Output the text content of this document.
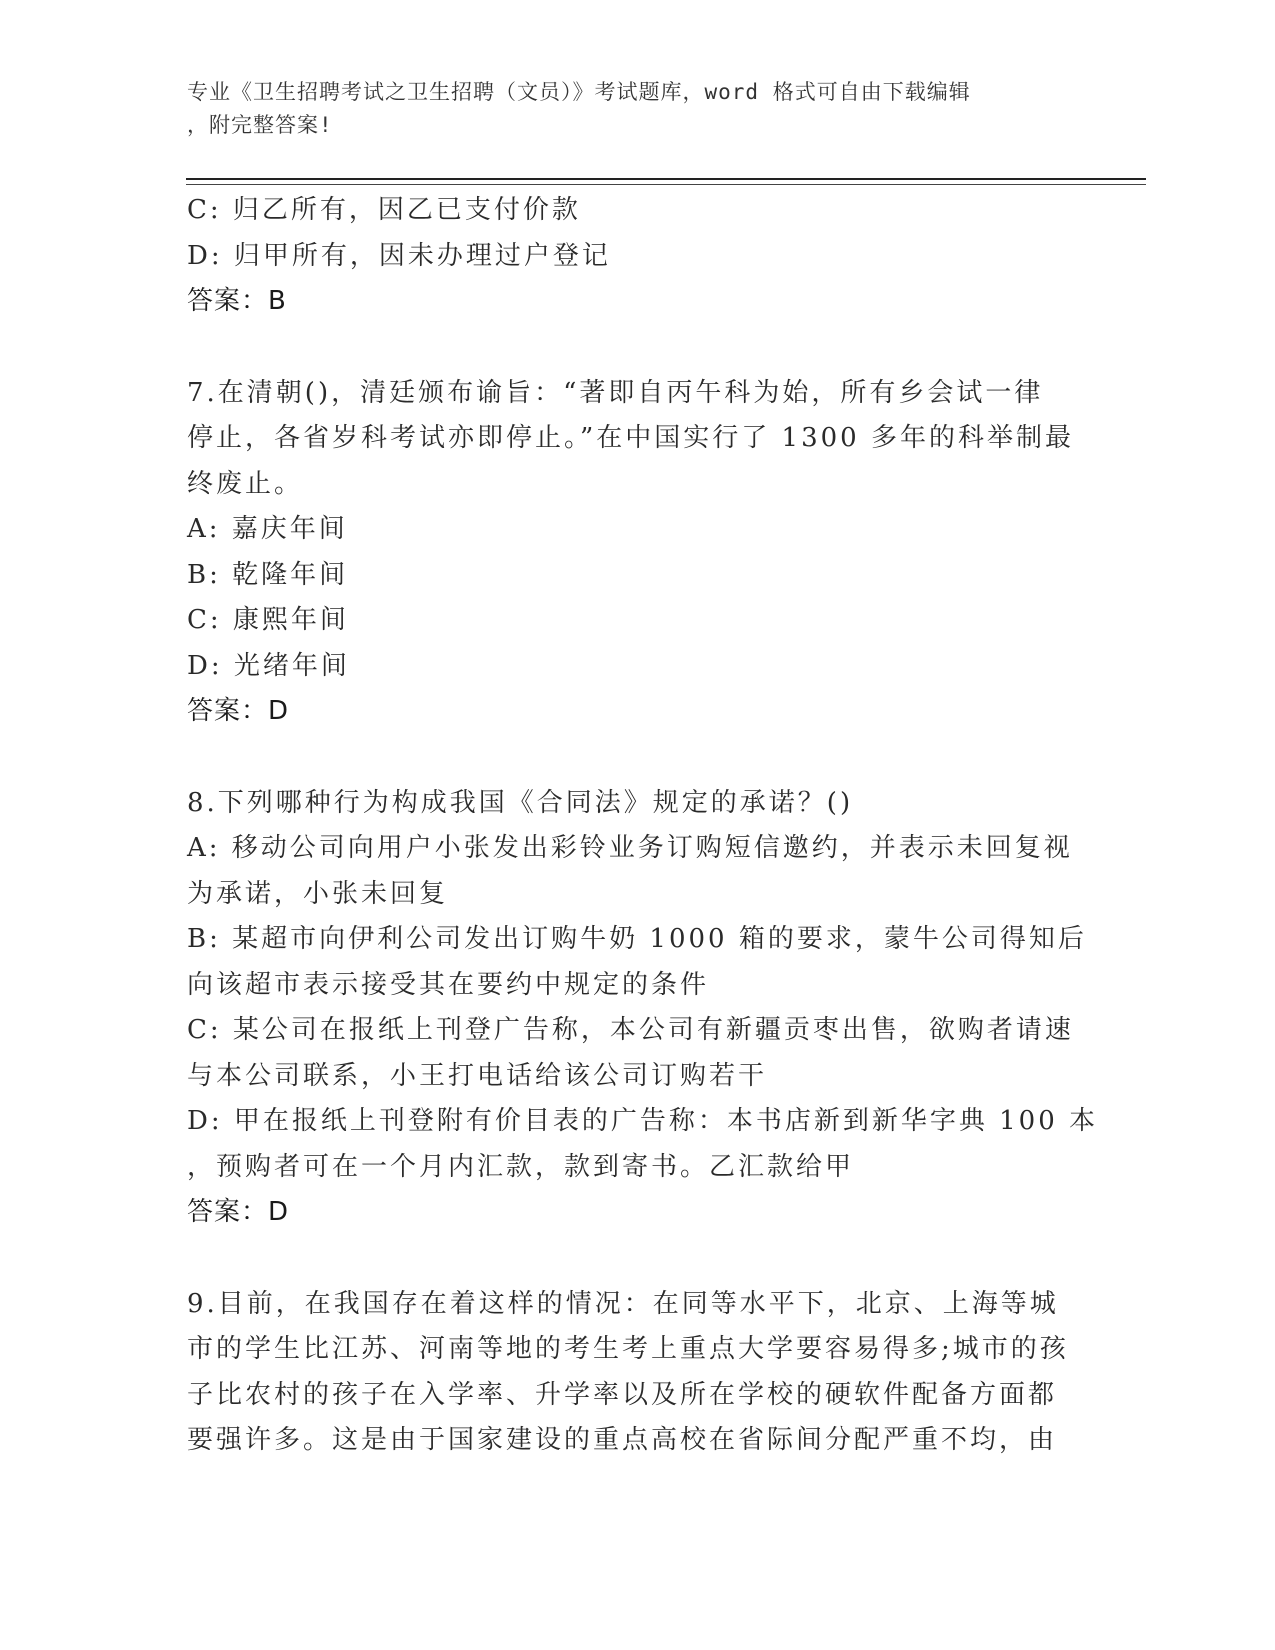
专业《卫生招聘考试之卫生招聘（文员）》考试题库，word 格式可自由下载编辑
，附完整答案!
C: 归乙所有，因乙已支付价款
D: 归甲所有，因未办理过户登记
答案：B
7.在清朝()，清廷颁布谕旨：“著即自丙午科为始，所有乡会试一律
停止，各省岁科考试亦即停止。”在中国实行了 1300 多年的科举制最
终废止。
A: 嘉庆年间
B: 乾隆年间
C: 康熙年间
D: 光绪年间
答案：D
8.下列哪种行为构成我国《合同法》规定的承诺？()
A: 移动公司向用户小张发出彩铃业务订购短信邀约，并表示未回复视
为承诺，小张未回复
B: 某超市向伊利公司发出订购牛奶 1000 箱的要求，蒙牛公司得知后
向该超市表示接受其在要约中规定的条件
C: 某公司在报纸上刊登广告称，本公司有新疆贡枣出售，欲购者请速
与本公司联系，小王打电话给该公司订购若干
D: 甲在报纸上刊登附有价目表的广告称：本书店新到新华字典 100 本
，预购者可在一个月内汇款，款到寄书。乙汇款给甲
答案：D
9.目前，在我国存在着这样的情况：在同等水平下，北京、上海等城
市的学生比江苏、河南等地的考生考上重点大学要容易得多;城市的孩
子比农村的孩子在入学率、升学率以及所在学校的硬软件配备方面都
要强许多。这是由于国家建设的重点高校在省际间分配严重不均，由
